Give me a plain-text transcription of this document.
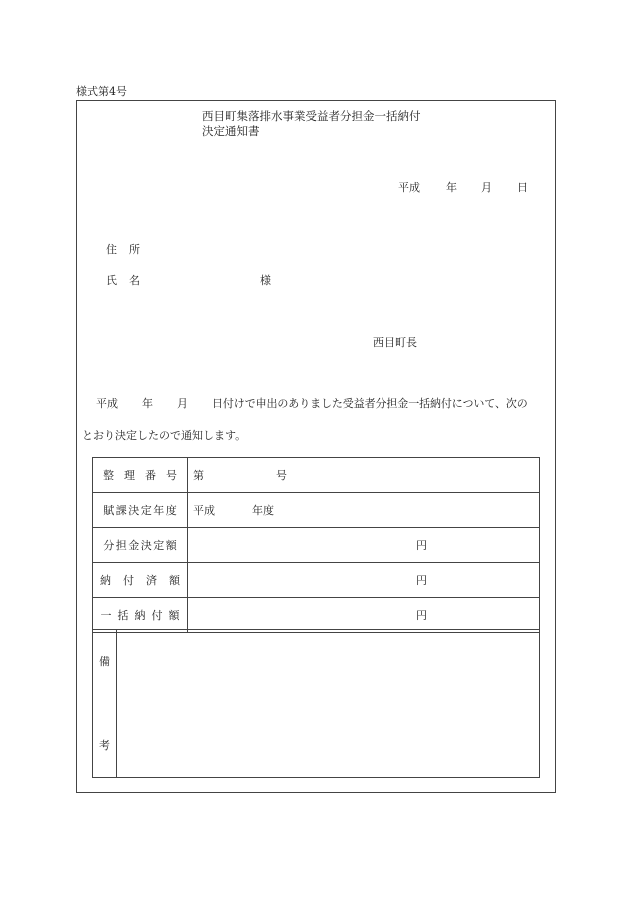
様式第4号
西目町集落排水事業受益者分担金一括納付
決定通知書
平成 年 月 日
住 所
氏 名	様
西目町長
平成 年 月 日付けで申出のありました受益者分担金一括納付について、次の
とおり決定したので通知します。
整理番号	第 号

賦課決定年度	平成 年度

分担金決定額	円

納付済額	円

一括納付額	円
備
考
